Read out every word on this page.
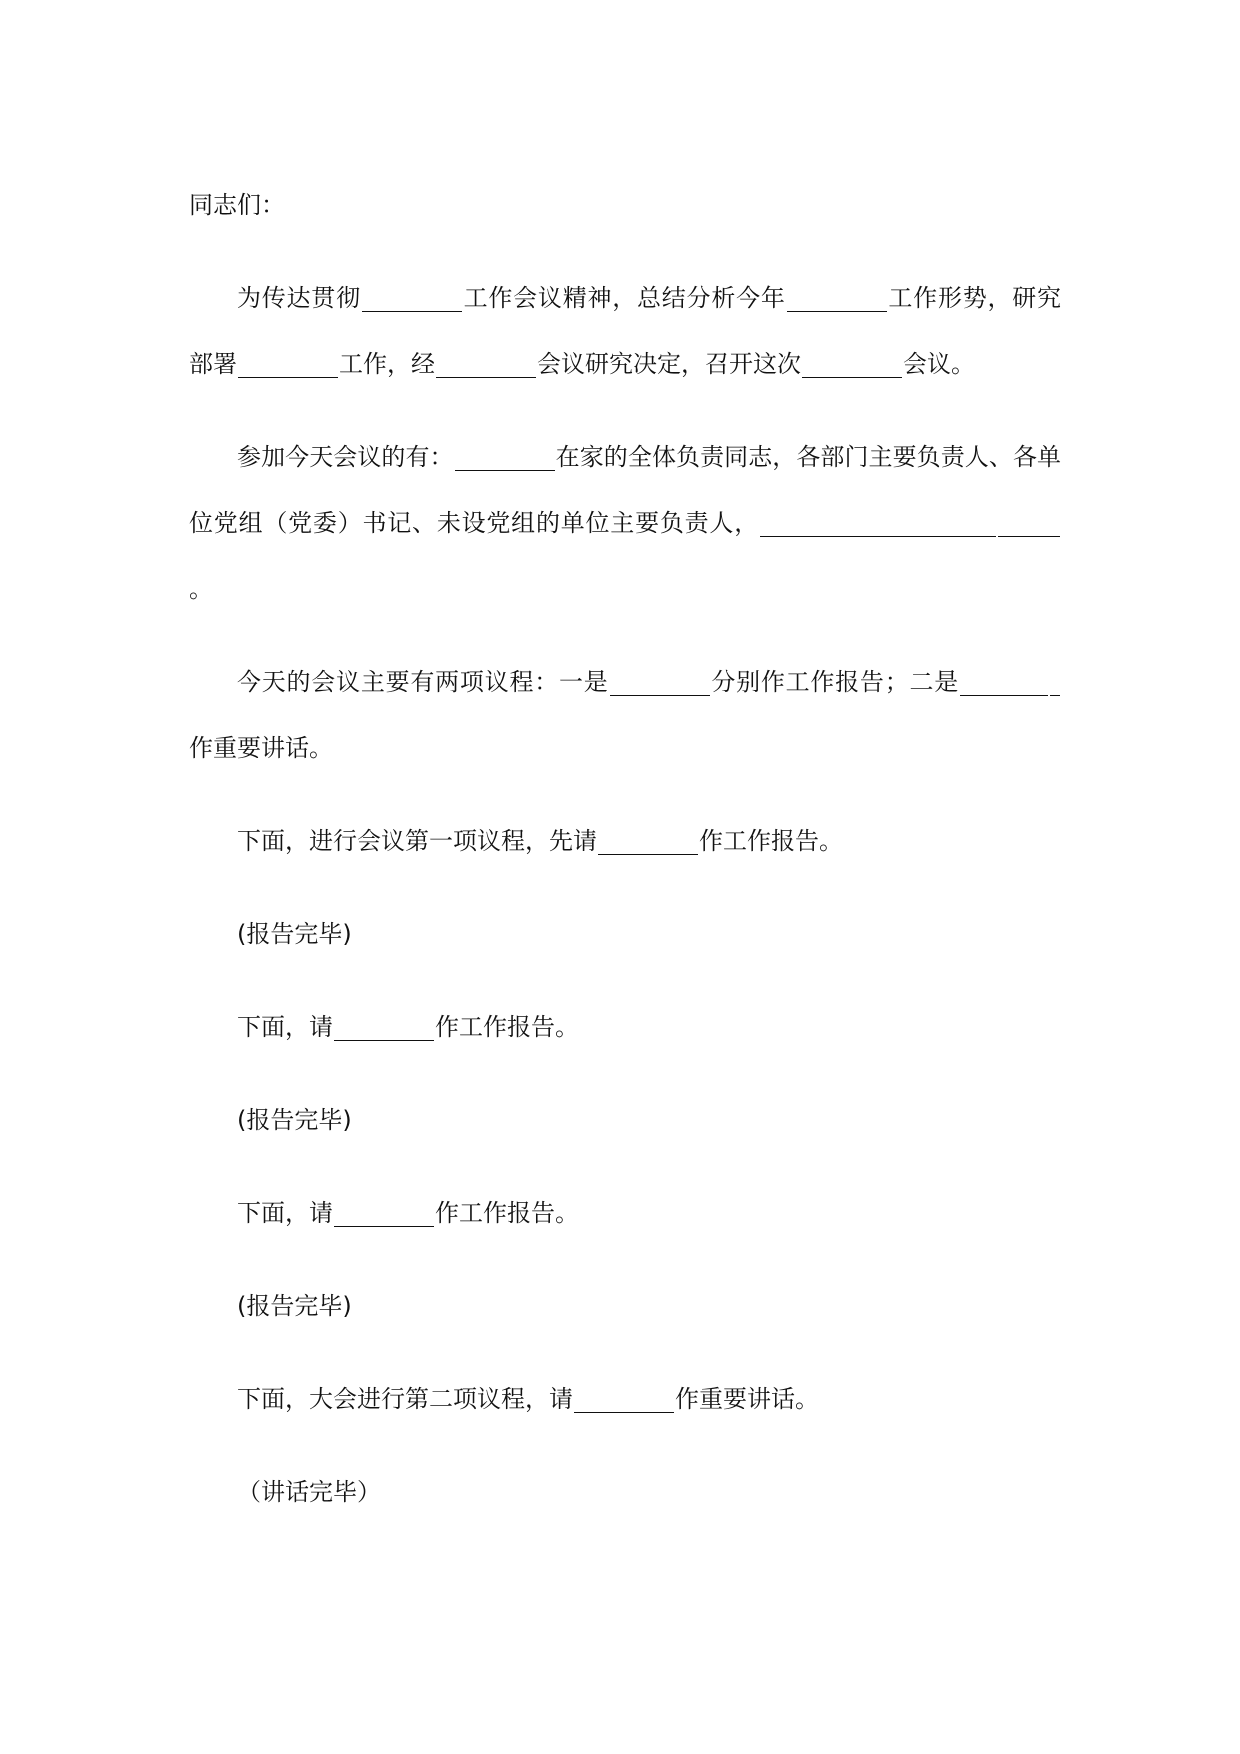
同志们：

为传达贯彻	工作会议精神，总结分析今年	工作形势，研究部署	工作，经	会议研究决定，召开这次	会议。

参加今天会议的有：	在家的全体负责同志，各部门主要负责人、各单位党组（党委）书记、未设党组的单位主要负责人，。

今天的会议主要有两项议程：一是	分别作工作报告；二是作重要讲话。

下面，进行会议第一项议程，先请	作工作报告。

(报告完毕)

下面，请	作工作报告。

(报告完毕)

下面，请	作工作报告。

(报告完毕)

下面，大会进行第二项议程，请	作重要讲话。

（讲话完毕）
